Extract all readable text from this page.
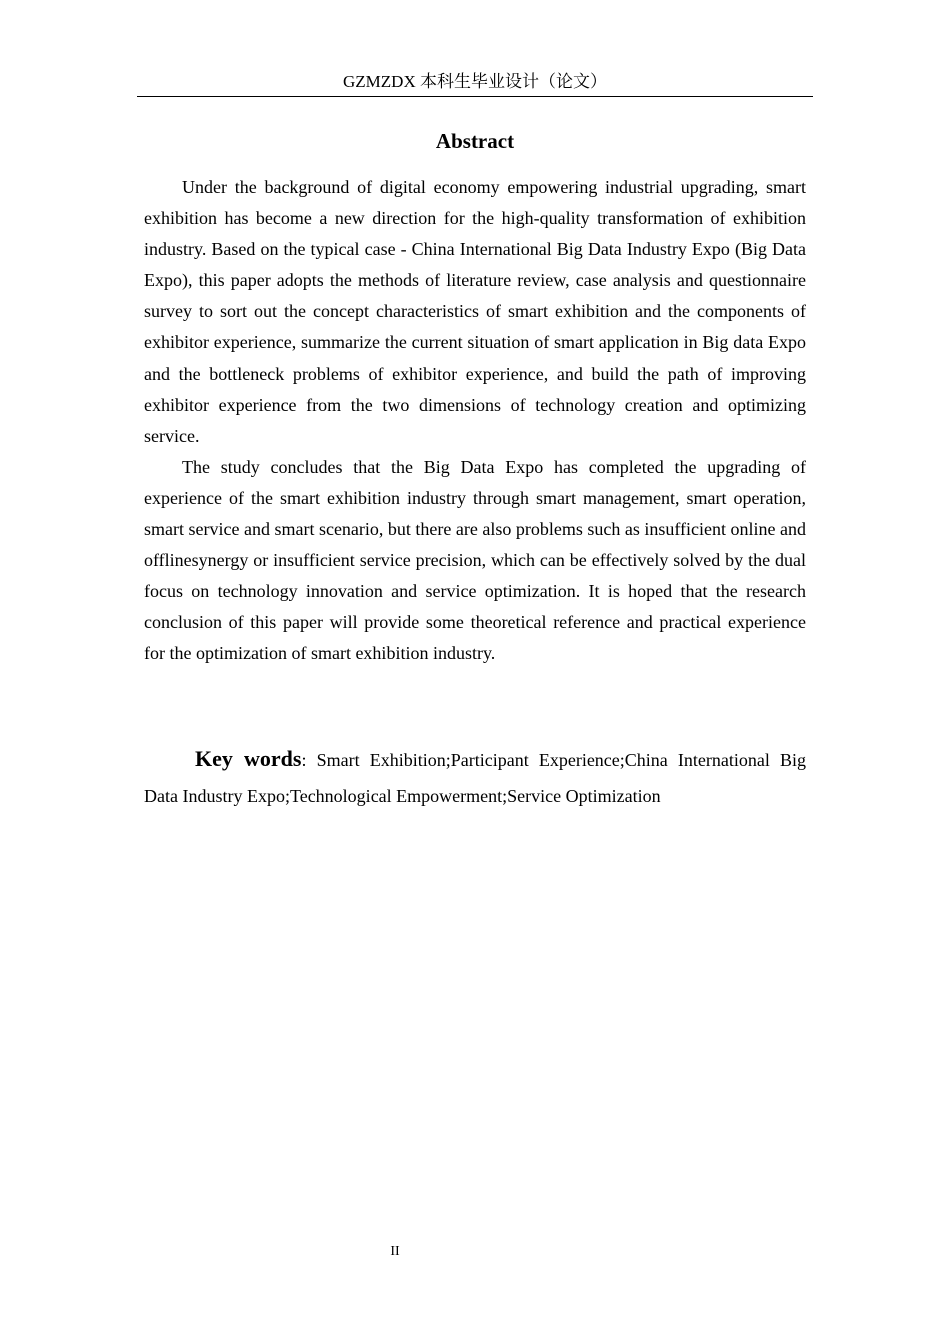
GZMZDX 本科生毕业设计（论文）
Abstract

Under the background of digital economy empowering industrial upgrading, smart exhibition has become a new direction for the high-quality transformation of exhibition industry. Based on the typical case - China International Big Data Industry Expo (Big Data Expo), this paper adopts the methods of literature review, case analysis and questionnaire survey to sort out the concept characteristics of smart exhibition and the components of exhibitor experience, summarize the current situation of smart application in Big data Expo and the bottleneck problems of exhibitor experience, and build the path of improving exhibitor experience from the two dimensions of technology creation and optimizing service.

The study concludes that the Big Data Expo has completed the upgrading of experience of the smart exhibition industry through smart management, smart operation, smart service and smart scenario, but there are also problems such as insufficient online and offlinesynergy or insufficient service precision, which can be effectively solved by the dual focus on technology innovation and service optimization. It is hoped that the research conclusion of this paper will provide some theoretical reference and practical experience for the optimization of smart exhibition industry.

Key words: Smart Exhibition;Participant Experience;China International Big Data Industry Expo;Technological Empowerment;Service Optimization
II
